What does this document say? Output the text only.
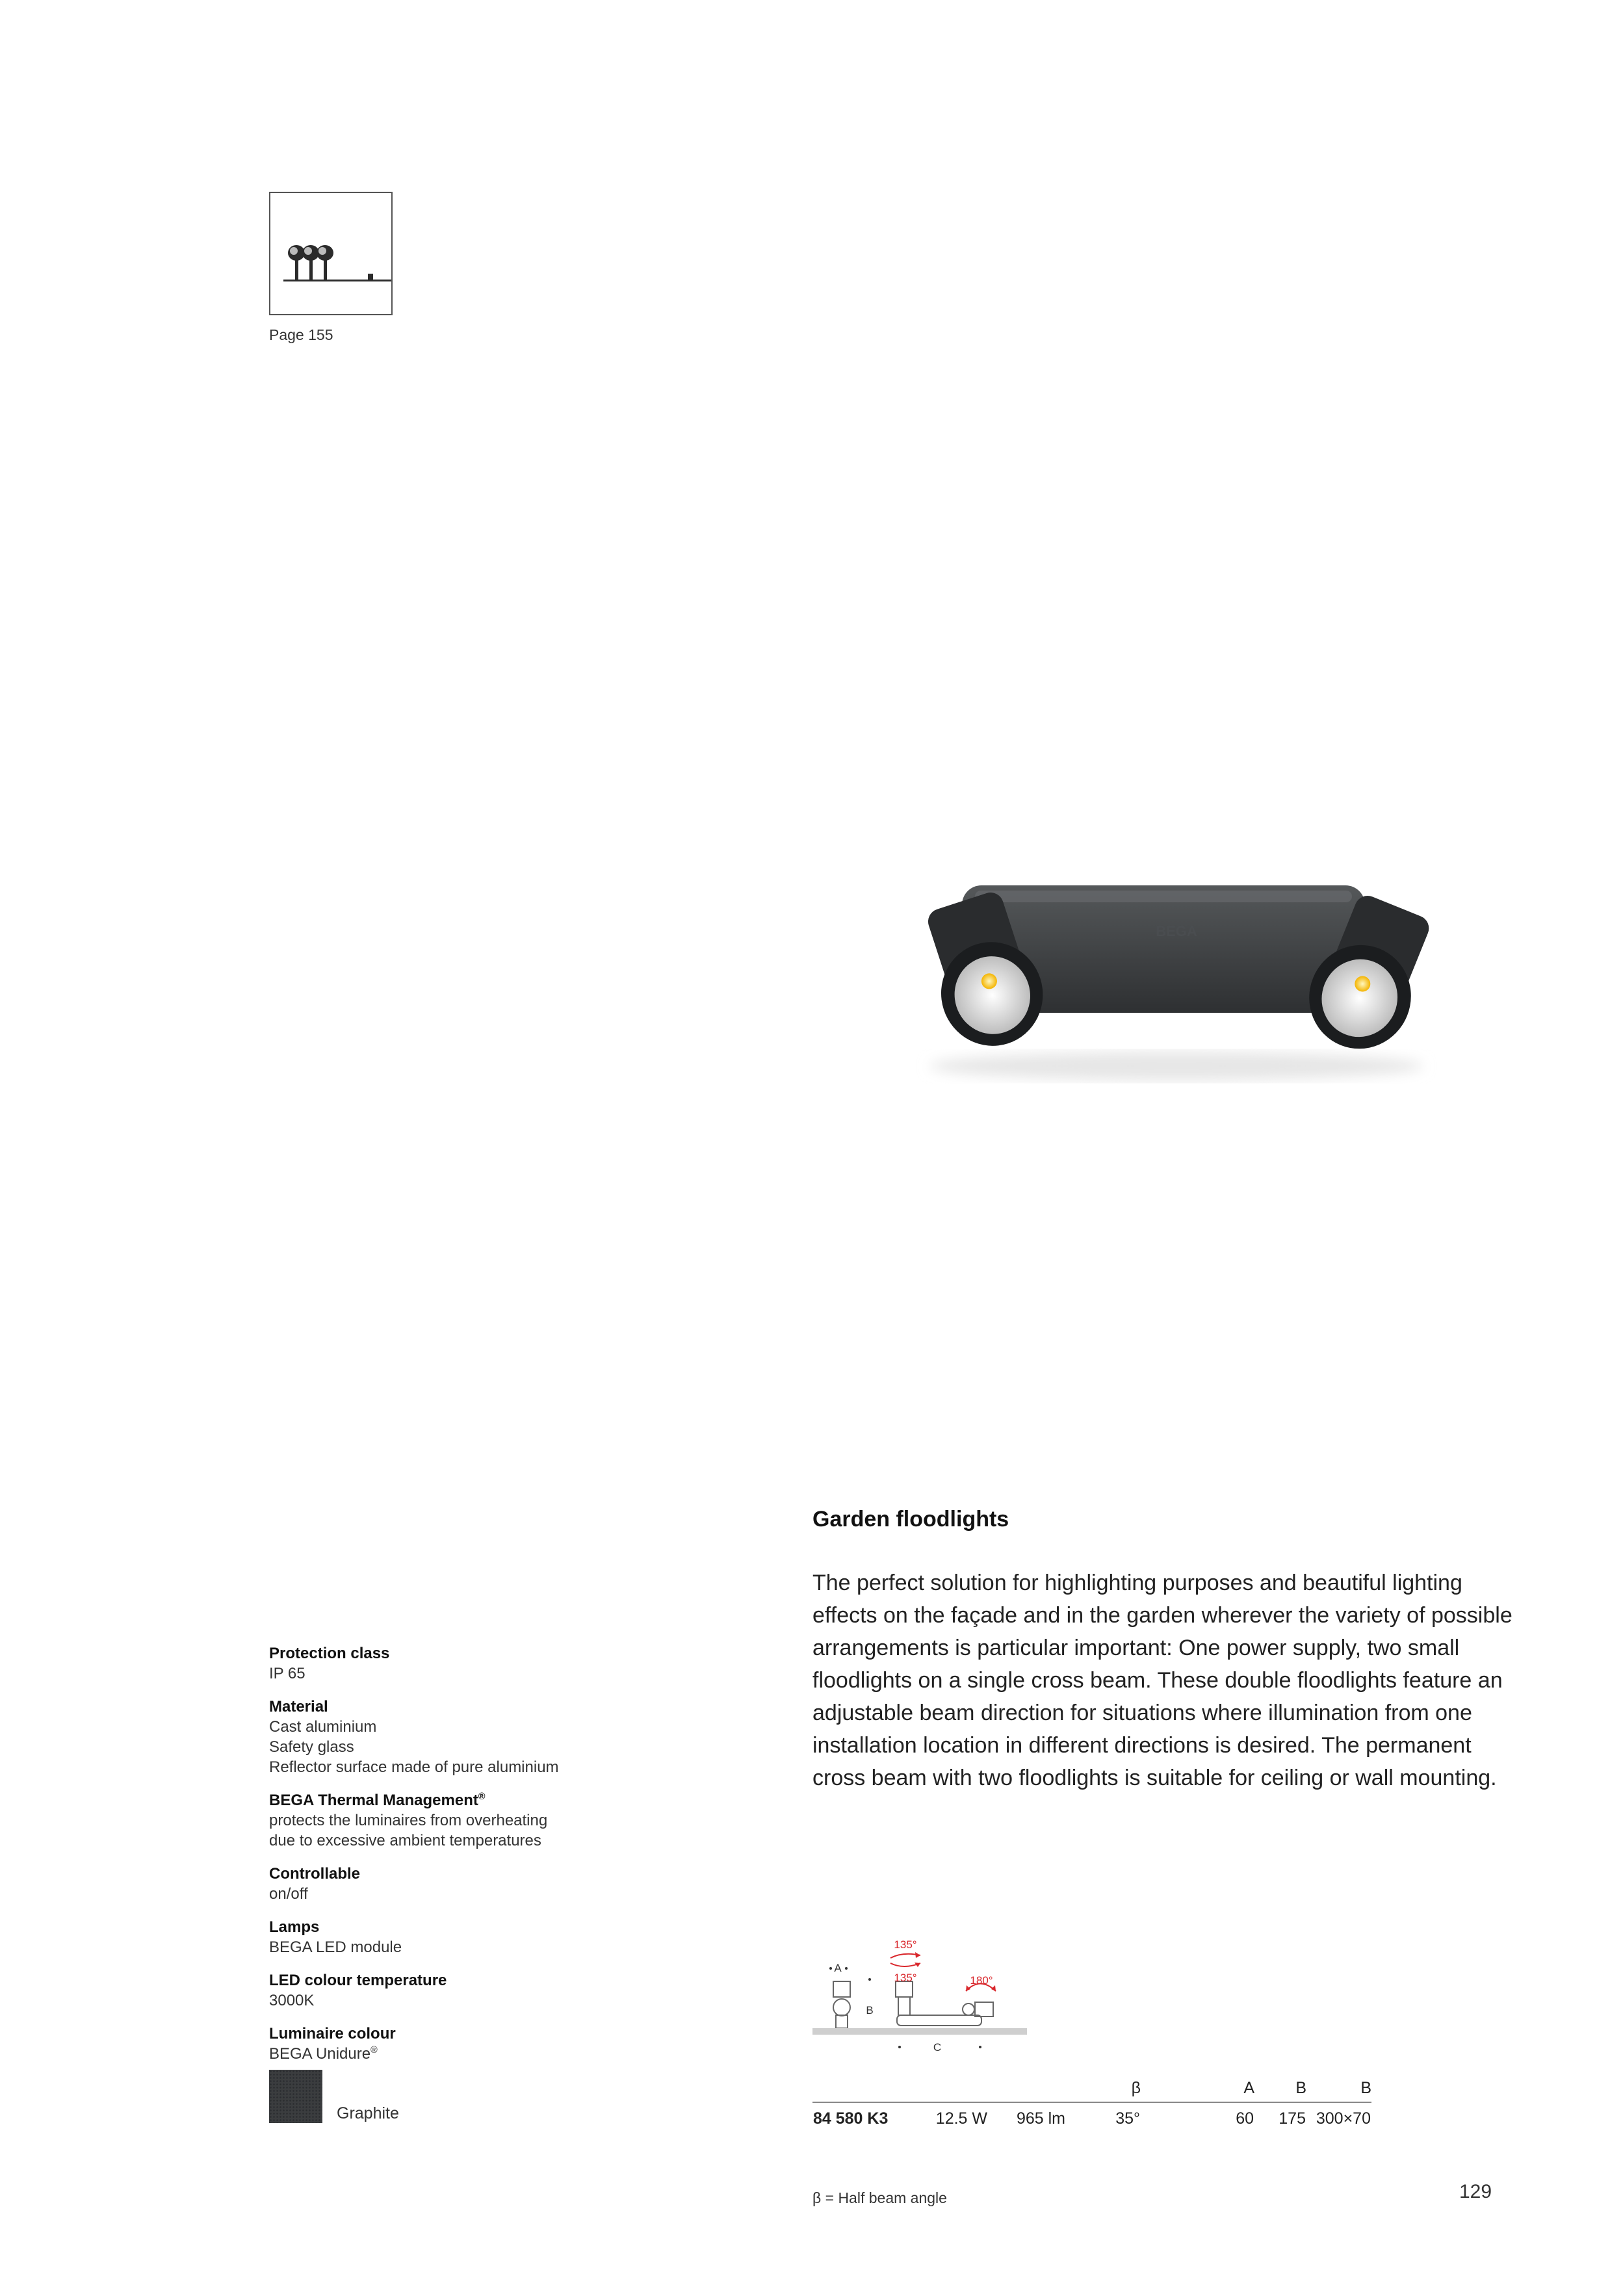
Page 155
BEGA
Protection class
IP 65
Material
Cast aluminium
Safety glass
Reflector surface made of pure aluminium
BEGA Thermal Management®
protects the luminaires from overheating
due to excessive ambient temperatures
Controllable
on/off
Lamps
BEGA LED module
LED colour temperature
3000K
Luminaire colour
BEGA Unidure®
Graphite
Garden floodlights
The perfect solution for highlighting purposes and beautiful lighting effects on the façade and in the garden wherever the variety of possible arrangements is particular important: One power supply, two small floodlights on a single cross beam. These double floodlights feature an adjustable beam direction for situations where illumination from one installation location in different directions is desired. The permanent cross beam with two floodlights is suitable for ceiling or wall mounting.
A
B
C
135°
135°	180°
			β	A	B	B
84 580 K3	12.5 W	965 lm	35°	60	175	300×70
β = Half beam angle	129
